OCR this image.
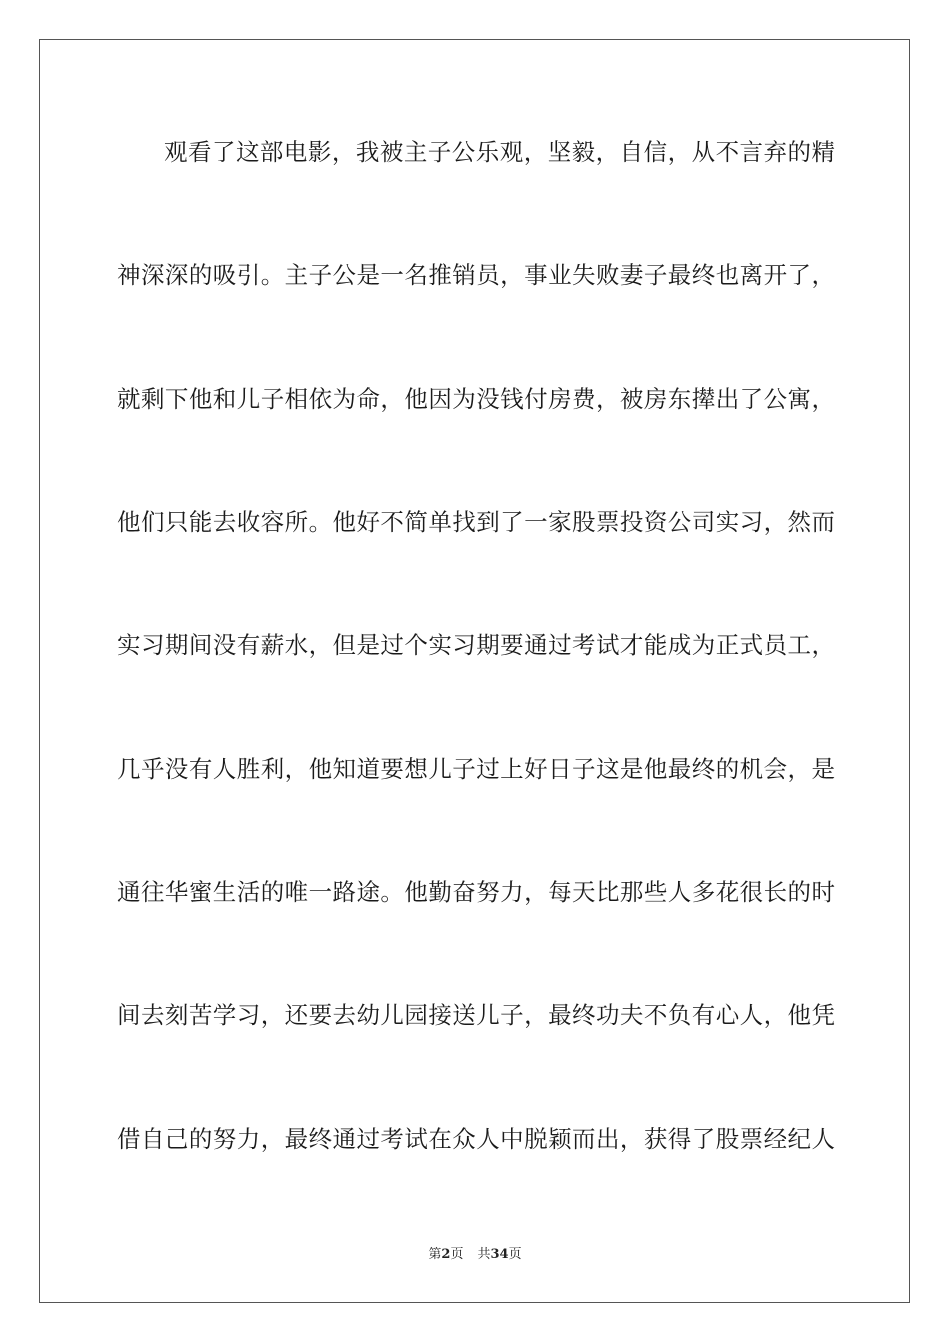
观看了这部电影，我被主子公乐观，坚毅，自信，从不言弃的精
神深深的吸引。主子公是一名推销员，事业失败妻子最终也离开了，
就剩下他和儿子相依为命，他因为没钱付房费，被房东撵出了公寓，
他们只能去收容所。他好不简单找到了一家股票投资公司实习，然而
实习期间没有薪水，但是过个实习期要通过考试才能成为正式员工，
几乎没有人胜利，他知道要想儿子过上好日子这是他最终的机会，是
通往华蜜生活的唯一路途。他勤奋努力，每天比那些人多花很长的时
间去刻苦学习，还要去幼儿园接送儿子，最终功夫不负有心人，他凭
借自己的努力，最终通过考试在众人中脱颖而出，获得了股票经纪人
第2页 共34页
